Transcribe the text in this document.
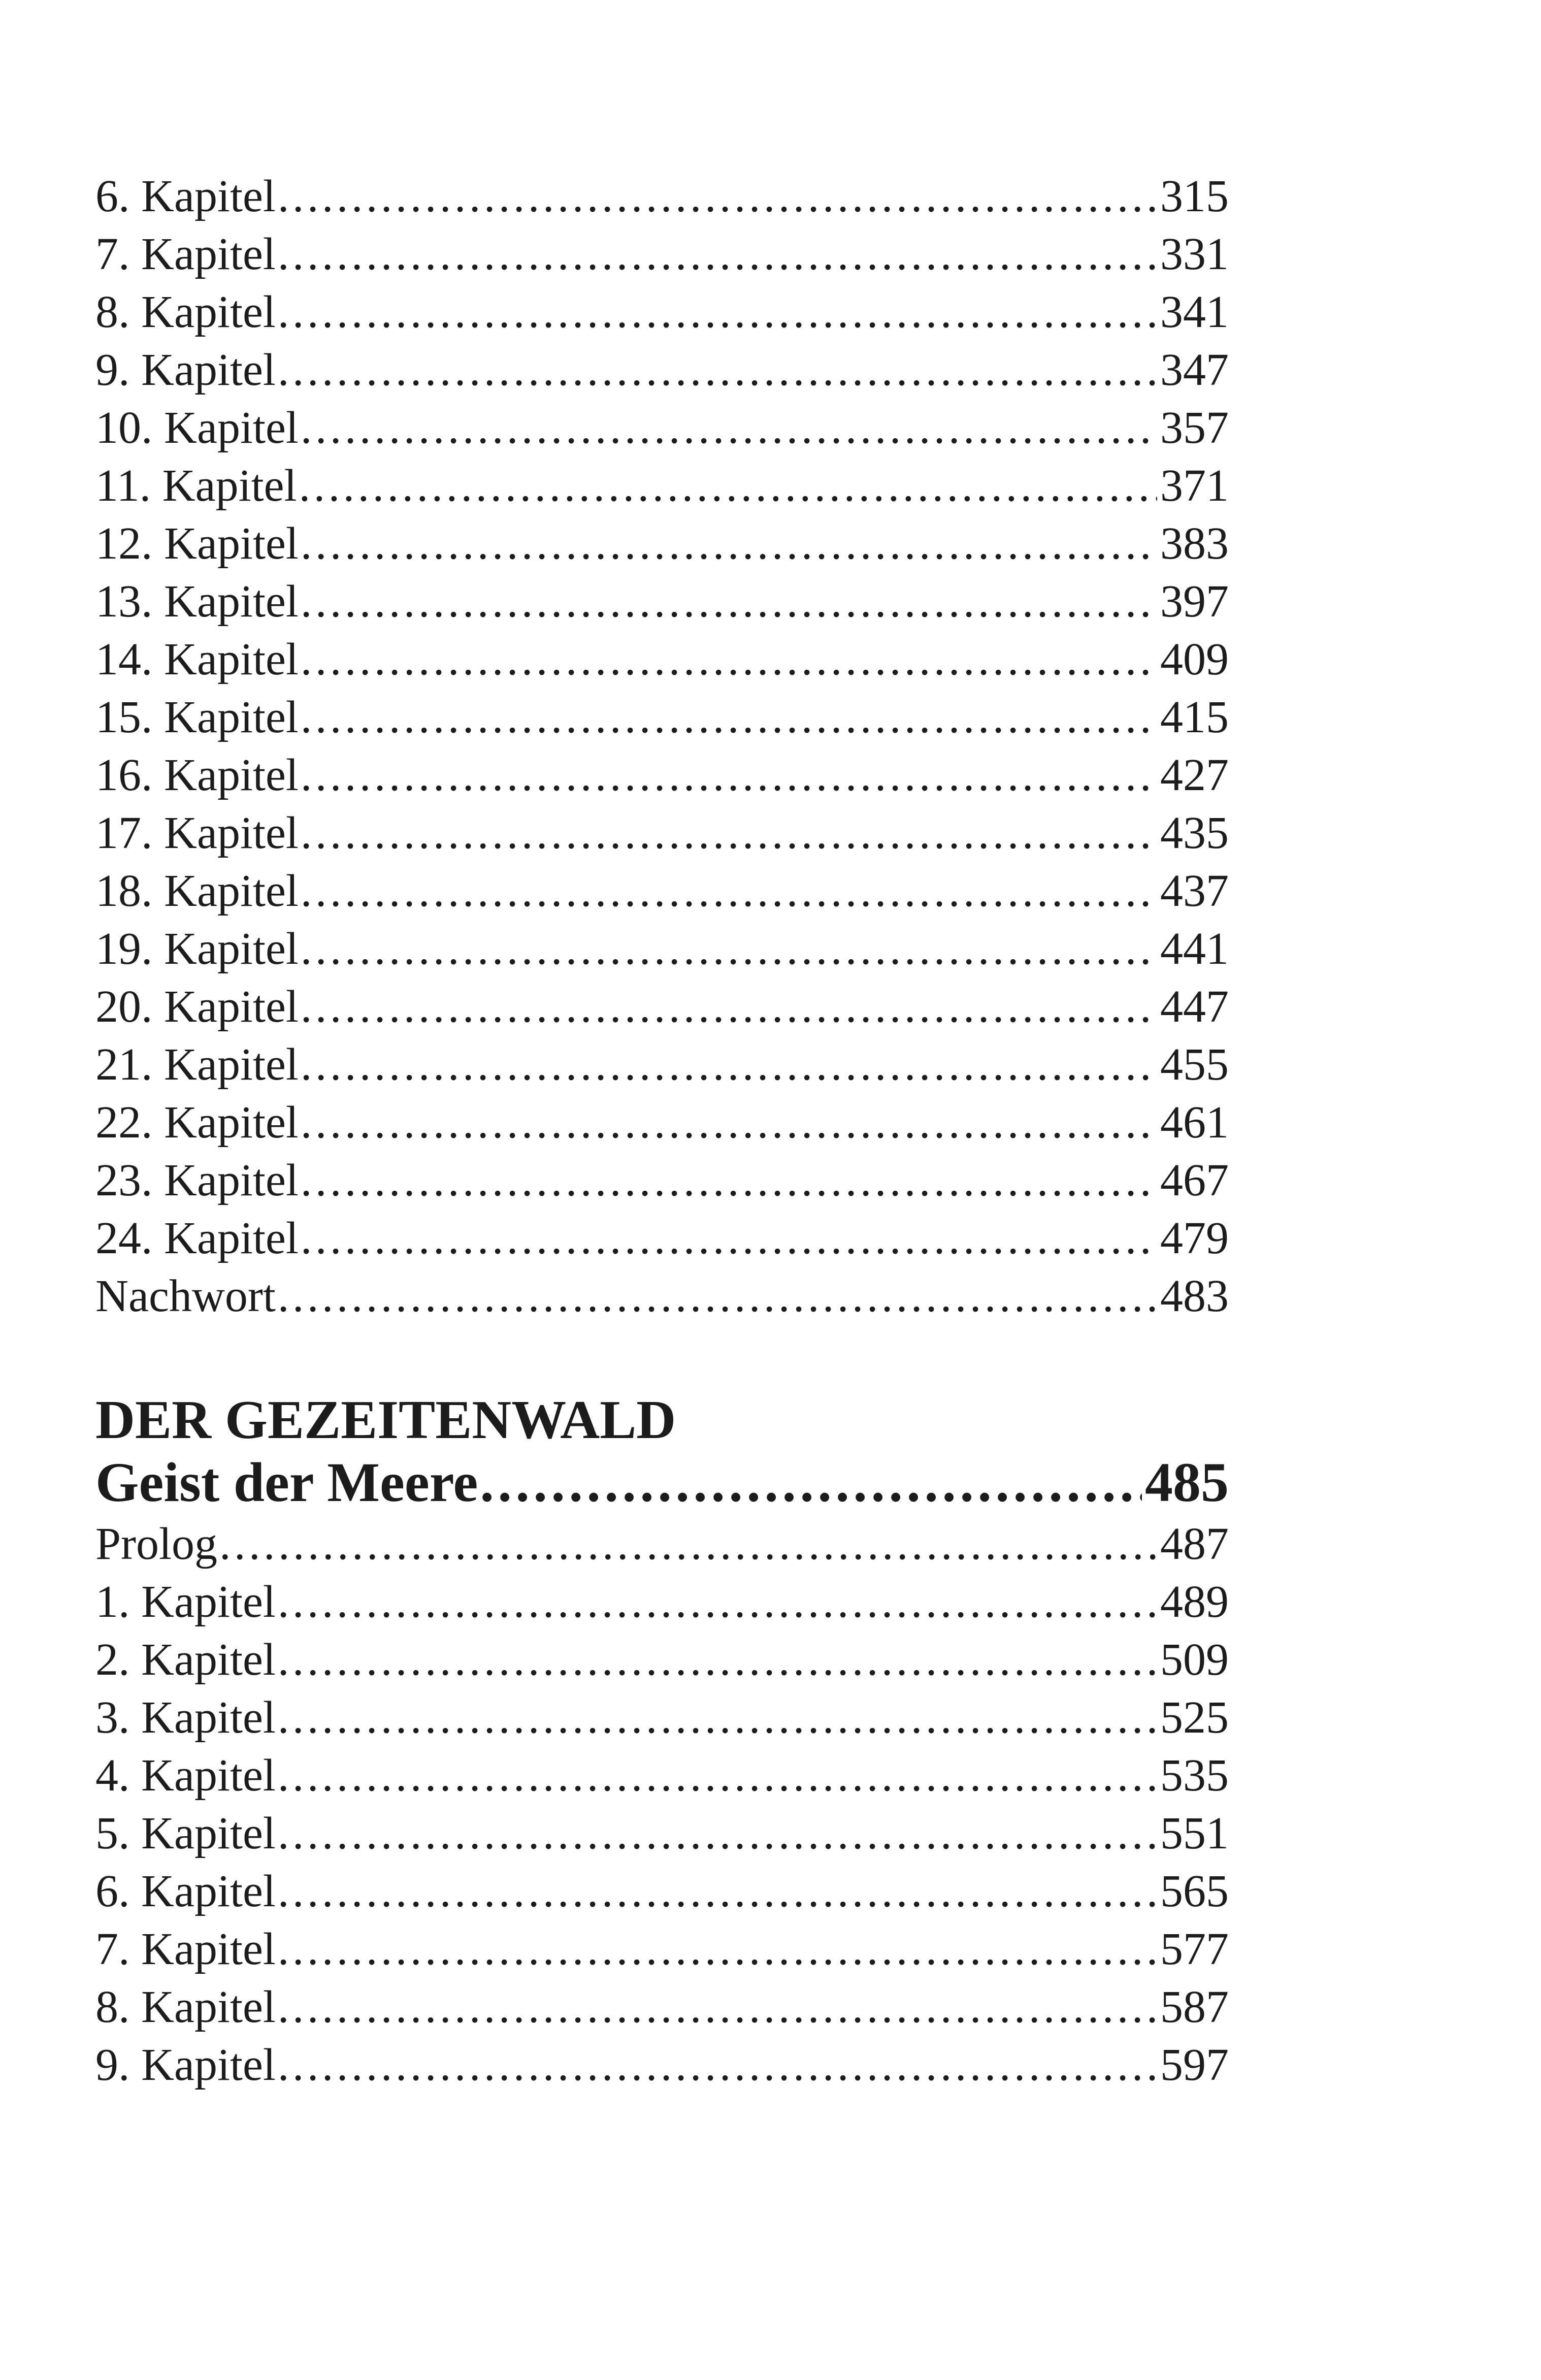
6. Kapitel . . .	315
7. Kapitel . . .	331
8. Kapitel . . .	341
9. Kapitel . . .	347
10. Kapitel . . .	357
11. Kapitel . . .	371
12. Kapitel . . .	383
13. Kapitel . . .	397
14. Kapitel . . .	409
15. Kapitel . . .	415
16. Kapitel . . .	427
17. Kapitel . . .	435
18. Kapitel . . .	437
19. Kapitel . . .	441
20. Kapitel . . .	447
21. Kapitel . . .	455
22. Kapitel . . .	461
23. Kapitel . . .	467
24. Kapitel . . .	479
Nachwort . . .	483
DER GEZEITENWALD
Geist der Meere . . .	485
Prolog . . .	487
1. Kapitel . . .	489
2. Kapitel . . .	509
3. Kapitel . . .	525
4. Kapitel . . .	535
5. Kapitel . . .	551
6. Kapitel . . .	565
7. Kapitel . . .	577
8. Kapitel . . .	587
9. Kapitel . . .	597
